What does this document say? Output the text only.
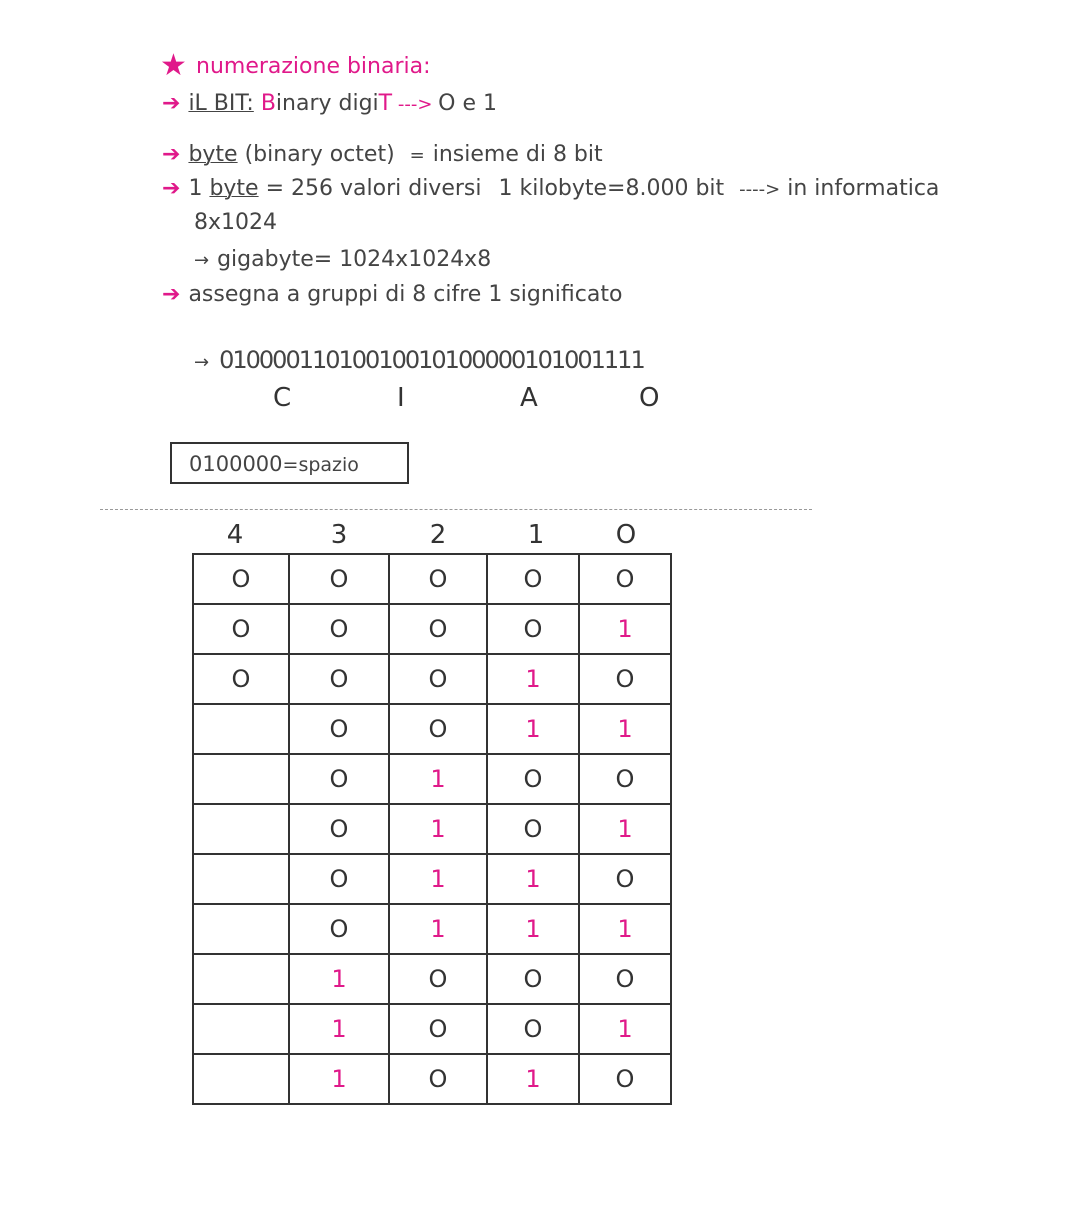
★ numerazione binaria:
➔ iL BIT: Binary digiT ---> O e 1
➔ byte (binary octet) = insieme di 8 bit
➔ 1 byte = 256 valori diversi 1 kilobyte=8.000 bit ----> in informatica
8x1024
→ gigabyte= 1024x1024x8
➔ assegna a gruppi di 8 cifre 1 significato
→ 01000011010010010100000101001111
C	I	A	O
0100000=spazio
4	3	2	1	O
O	O	O	O	O
O	O	O	O	1
O	O	O	1	O
	O	O	1	1
	O	1	O	O
	O	1	O	1
	O	1	1	O
	O	1	1	1
	1	O	O	O
	1	O	O	1
	1	O	1	O
